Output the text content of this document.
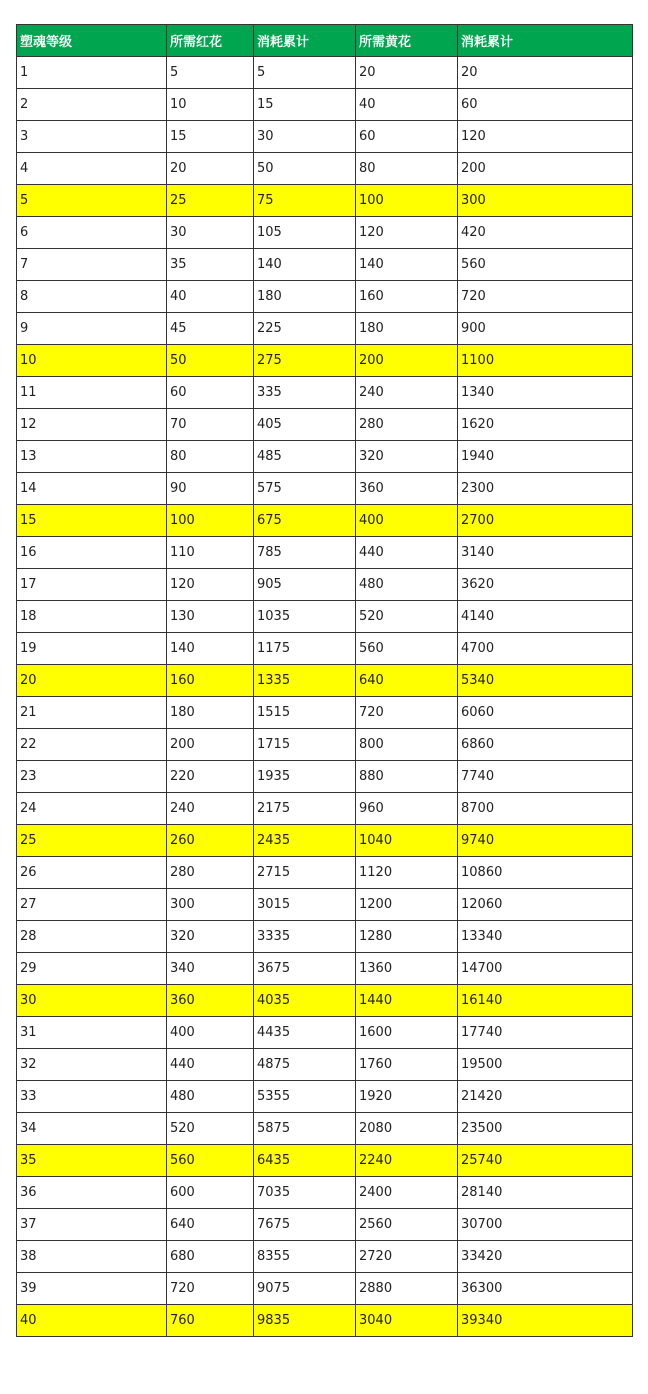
塑魂等级	所需红花	消耗累计	所需黄花	消耗累计
1	5	5	20	20
2	10	15	40	60
3	15	30	60	120
4	20	50	80	200
5	25	75	100	300
6	30	105	120	420
7	35	140	140	560
8	40	180	160	720
9	45	225	180	900
10	50	275	200	1100
11	60	335	240	1340
12	70	405	280	1620
13	80	485	320	1940
14	90	575	360	2300
15	100	675	400	2700
16	110	785	440	3140
17	120	905	480	3620
18	130	1035	520	4140
19	140	1175	560	4700
20	160	1335	640	5340
21	180	1515	720	6060
22	200	1715	800	6860
23	220	1935	880	7740
24	240	2175	960	8700
25	260	2435	1040	9740
26	280	2715	1120	10860
27	300	3015	1200	12060
28	320	3335	1280	13340
29	340	3675	1360	14700
30	360	4035	1440	16140
31	400	4435	1600	17740
32	440	4875	1760	19500
33	480	5355	1920	21420
34	520	5875	2080	23500
35	560	6435	2240	25740
36	600	7035	2400	28140
37	640	7675	2560	30700
38	680	8355	2720	33420
39	720	9075	2880	36300
40	760	9835	3040	39340
